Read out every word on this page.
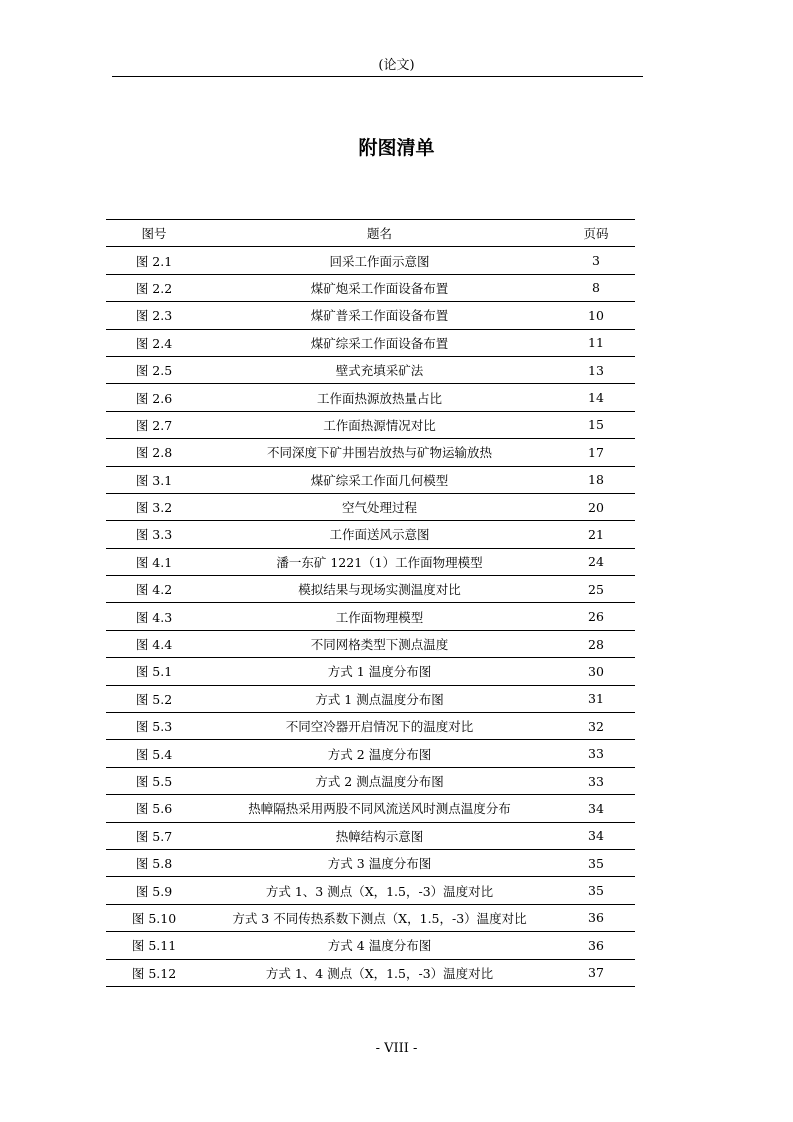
(论文)
附图清单
图号	题名	页码
图 2.1	回采工作面示意图	3
图 2.2	煤矿炮采工作面设备布置	8
图 2.3	煤矿普采工作面设备布置	10
图 2.4	煤矿综采工作面设备布置	11
图 2.5	壁式充填采矿法	13
图 2.6	工作面热源放热量占比	14
图 2.7	工作面热源情况对比	15
图 2.8	不同深度下矿井围岩放热与矿物运输放热	17
图 3.1	煤矿综采工作面几何模型	18
图 3.2	空气处理过程	20
图 3.3	工作面送风示意图	21
图 4.1	潘一东矿 1221（1）工作面物理模型	24
图 4.2	模拟结果与现场实测温度对比	25
图 4.3	工作面物理模型	26
图 4.4	不同网格类型下测点温度	28
图 5.1	方式 1 温度分布图	30
图 5.2	方式 1 测点温度分布图	31
图 5.3	不同空冷器开启情况下的温度对比	32
图 5.4	方式 2 温度分布图	33
图 5.5	方式 2 测点温度分布图	33
图 5.6	热幛隔热采用两股不同风流送风时测点温度分布	34
图 5.7	热幛结构示意图	34
图 5.8	方式 3 温度分布图	35
图 5.9	方式 1、3 测点（X，1.5，-3）温度对比	35
图 5.10	方式 3 不同传热系数下测点（X，1.5，-3）温度对比	36
图 5.11	方式 4 温度分布图	36
图 5.12	方式 1、4 测点（X，1.5，-3）温度对比	37
- VIII -
